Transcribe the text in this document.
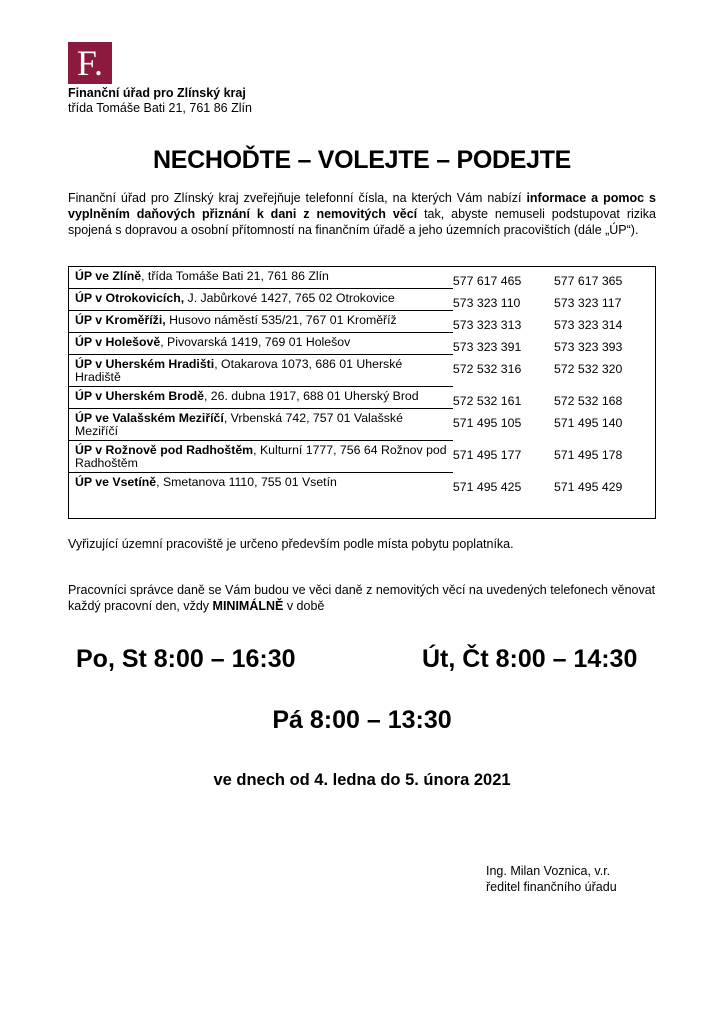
F.
Finanční úřad pro Zlínský kraj
třída Tomáše Bati 21, 761 86 Zlín
NECHOĎTE – VOLEJTE – PODEJTE
Finanční úřad pro Zlínský kraj zveřejňuje telefonní čísla, na kterých Vám nabízí informace a pomoc s vyplněním daňových přiznání k dani z nemovitých věcí tak, abyste nemuseli podstupovat rizika spojená s dopravou a osobní přítomností na finančním úřadě a jeho územních pracovištích (dále „ÚP“).
ÚP ve Zlíně, třída Tomáše Bati 21, 761 86 Zlín	577 617 465	577 617 365
ÚP v Otrokovicích, J. Jabůrkové 1427, 765 02 Otrokovice	573 323 110	573 323 117
ÚP v Kroměříži, Husovo náměstí 535/21, 767 01 Kroměříž	573 323 313	573 323 314
ÚP v Holešově, Pivovarská 1419, 769 01 Holešov	573 323 391	573 323 393
ÚP v Uherském Hradišti, Otakarova 1073, 686 01 Uherské Hradiště	572 532 316	572 532 320
ÚP v Uherském Brodě, 26. dubna 1917, 688 01 Uherský Brod	572 532 161	572 532 168
ÚP ve Valašském Meziříčí, Vrbenská 742, 757 01 Valašské Meziříčí	571 495 105	571 495 140
ÚP v Rožnově pod Radhoštěm, Kulturní 1777, 756 64 Rožnov pod Radhoštěm	571 495 177	571 495 178
ÚP ve Vsetíně, Smetanova 1110, 755 01 Vsetín	571 495 425	571 495 429

Vyřizující územní pracoviště je určeno především podle místa pobytu poplatníka.
Pracovníci správce daně se Vám budou ve věci daně z nemovitých věcí na uvedených telefonech věnovat každý pracovní den, vždy MINIMÁLNĚ v době
Po, St 8:00 – 16:30	Út, Čt 8:00 – 14:30
Pá 8:00 – 13:30
ve dnech od 4. ledna do 5. února 2021
Ing. Milan Voznica, v.r.
ředitel finančního úřadu
